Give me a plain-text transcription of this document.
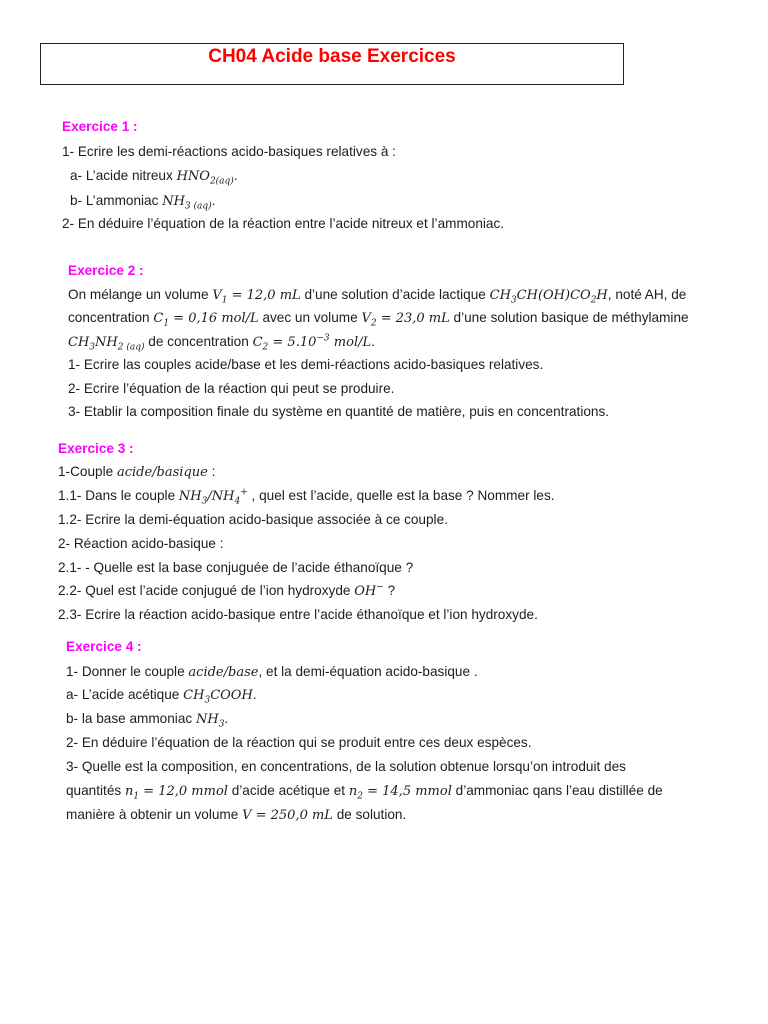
CH04 Acide base Exercices
Exercice 1 :
1- Ecrire les demi-réactions acido-basiques relatives à :
a- L’acide nitreux $HNO_{2(aq)}$.
b- L’ammoniac $NH_{3 (aq)}$.
2- En déduire l’équation de la réaction entre l’acide nitreux et l’ammoniac.
Exercice 2 :
On mélange un volume $V_1 = 12,0$ mL d’une solution d’acide lactique $CH_3CH(OH)CO_2H$, noté AH, de
concentration $C_1 = 0,16$ mol/L avec un volume $V_2 = 23,0$ mL d’une solution basique de méthylamine
$CH_3NH_{2 (aq)}$ de concentration $C_2 = 5.10^{-3}$ mol/L.
1- Ecrire las couples acide/base et les demi-réactions acido-basiques relatives.
2- Ecrire l’équation de la réaction qui peut se produire.
3- Etablir la composition finale du système en quantité de matière, puis en concentrations.
Exercice 3 :
1-Couple acide/basique :
1.1- Dans le couple $NH_3/NH_4^+$ , quel est l’acide, quelle est la base ? Nommer les.
1.2- Ecrire la demi-équation acido-basique associée à ce couple.
2- Réaction acido-basique :
2.1- - Quelle est la base conjuguée de l’acide éthanoïque ?
2.2- Quel est l’acide conjugué de l’ion hydroxyde OH− ?
2.3- Ecrire la réaction acido-basique entre l’acide éthanoïque et l’ion hydroxyde.
Exercice 4 :
1- Donner le couple acide/base, et la demi-équation acido-basique .
a- L’acide acétique $CH_3COOH$.
b- la base ammoniac $NH_3$.
2- En déduire l’équation de la réaction qui se produit entre ces deux espèces.
3- Quelle est la composition, en concentrations, de la solution obtenue lorsqu’on introduit des
quantités $n_1 = 12,0$ mmol d’acide acétique et $n_2 = 14,5$ mmol d’ammoniac qans l’eau distillée de
manière à obtenir un volume V = 250,0 mL de solution.
